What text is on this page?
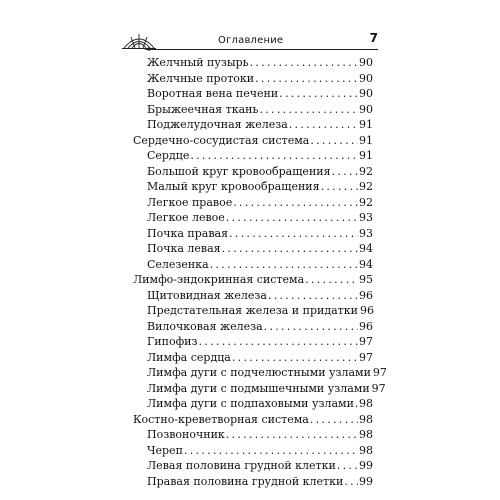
Оглавление	7
Желчный пузырь . . .	90
Желчные протоки . . .	90
Воротная вена печени . . .	90
Брыжеечная ткань . . .	90
Поджелудочная железа . . .	91
Сердечно-сосудистая система . . .	91
Сердце . . .	91
Большой круг кровообращения . . .	92
Малый круг кровообращения . . .	92
Легкое правое . . .	92
Легкое левое . . .	93
Почка правая . . .	93
Почка левая . . .	94
Селезенка . . .	94
Лимфо-эндокринная система . . .	95
Щитовидная железа . . .	96
Предстательная железа и придатки 96
Вилочковая железа . . .	96
Гипофиз . . .	97
Лимфа сердца . . .	97
Лимфа дуги с подчелюстными узлами 97
Лимфа дуги с подмышечными узлами 97
Лимфа дуги с подпаховыми узлами . . . 98
Костно-креветворная система . . .	98
Позвоночник . . .	98
Череп . . .	98
Левая половина грудной клетки . . . 99
Правая половина грудной клетки . . . 99
